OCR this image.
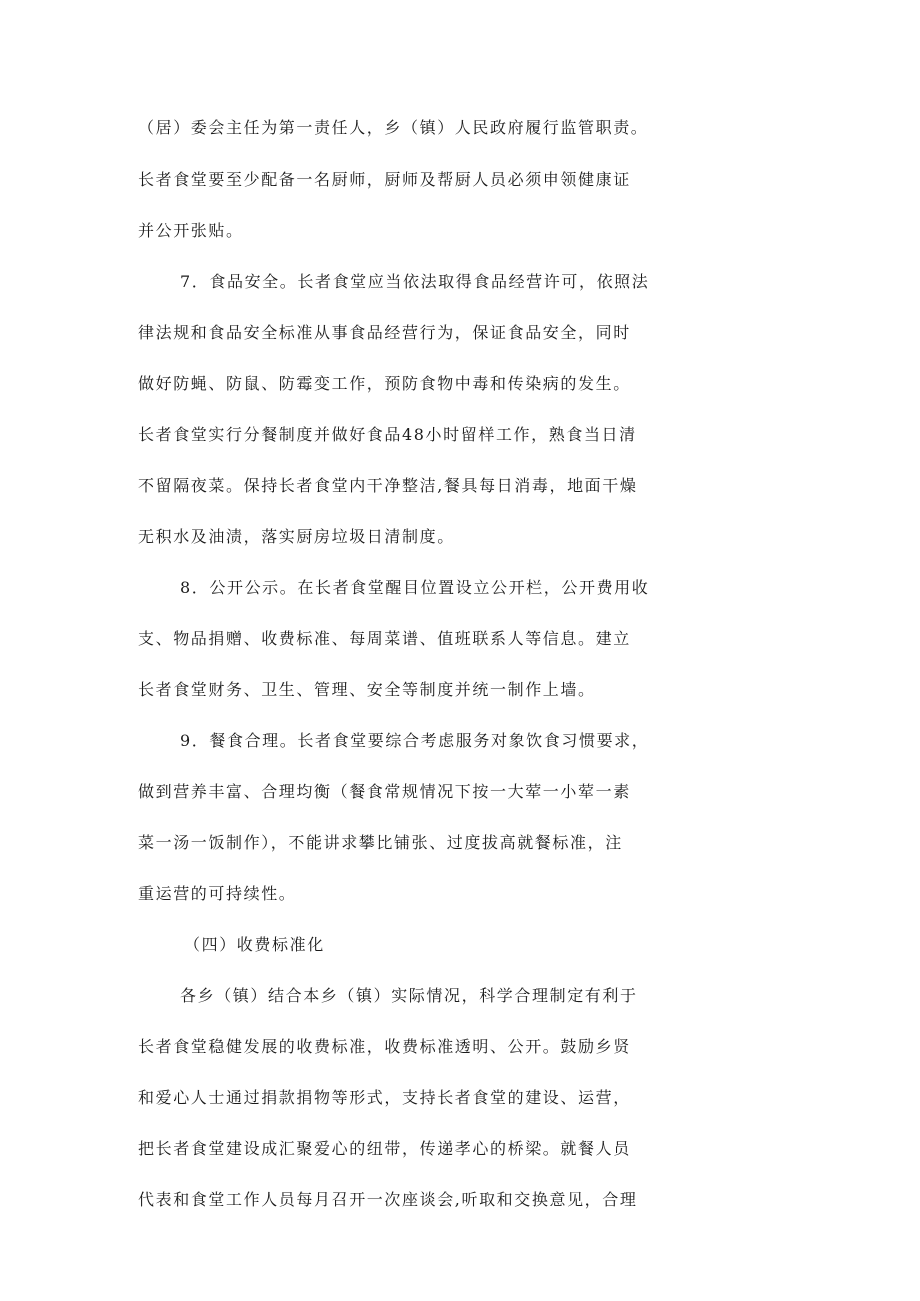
（居）委会主任为第一责任人，乡（镇）人民政府履行监管职责。
长者食堂要至少配备一名厨师，厨师及帮厨人员必须申领健康证
并公开张贴。
7．食品安全。长者食堂应当依法取得食品经营许可，依照法
律法规和食品安全标准从事食品经营行为，保证食品安全，同时
做好防蝇、防鼠、防霉变工作，预防食物中毒和传染病的发生。
长者食堂实行分餐制度并做好食品48小时留样工作，熟食当日清
不留隔夜菜。保持长者食堂内干净整洁,餐具每日消毒，地面干燥
无积水及油渍，落实厨房垃圾日清制度。
8．公开公示。在长者食堂醒目位置设立公开栏，公开费用收
支、物品捐赠、收费标准、每周菜谱、值班联系人等信息。建立
长者食堂财务、卫生、管理、安全等制度并统一制作上墙。
9．餐食合理。长者食堂要综合考虑服务对象饮食习惯要求，
做到营养丰富、合理均衡（餐食常规情况下按一大荤一小荤一素
菜一汤一饭制作），不能讲求攀比铺张、过度拔高就餐标准，注
重运营的可持续性。
（四）收费标准化
各乡（镇）结合本乡（镇）实际情况，科学合理制定有利于
长者食堂稳健发展的收费标准，收费标准透明、公开。鼓励乡贤
和爱心人士通过捐款捐物等形式，支持长者食堂的建设、运营，
把长者食堂建设成汇聚爱心的纽带，传递孝心的桥梁。就餐人员
代表和食堂工作人员每月召开一次座谈会,听取和交换意见，合理
